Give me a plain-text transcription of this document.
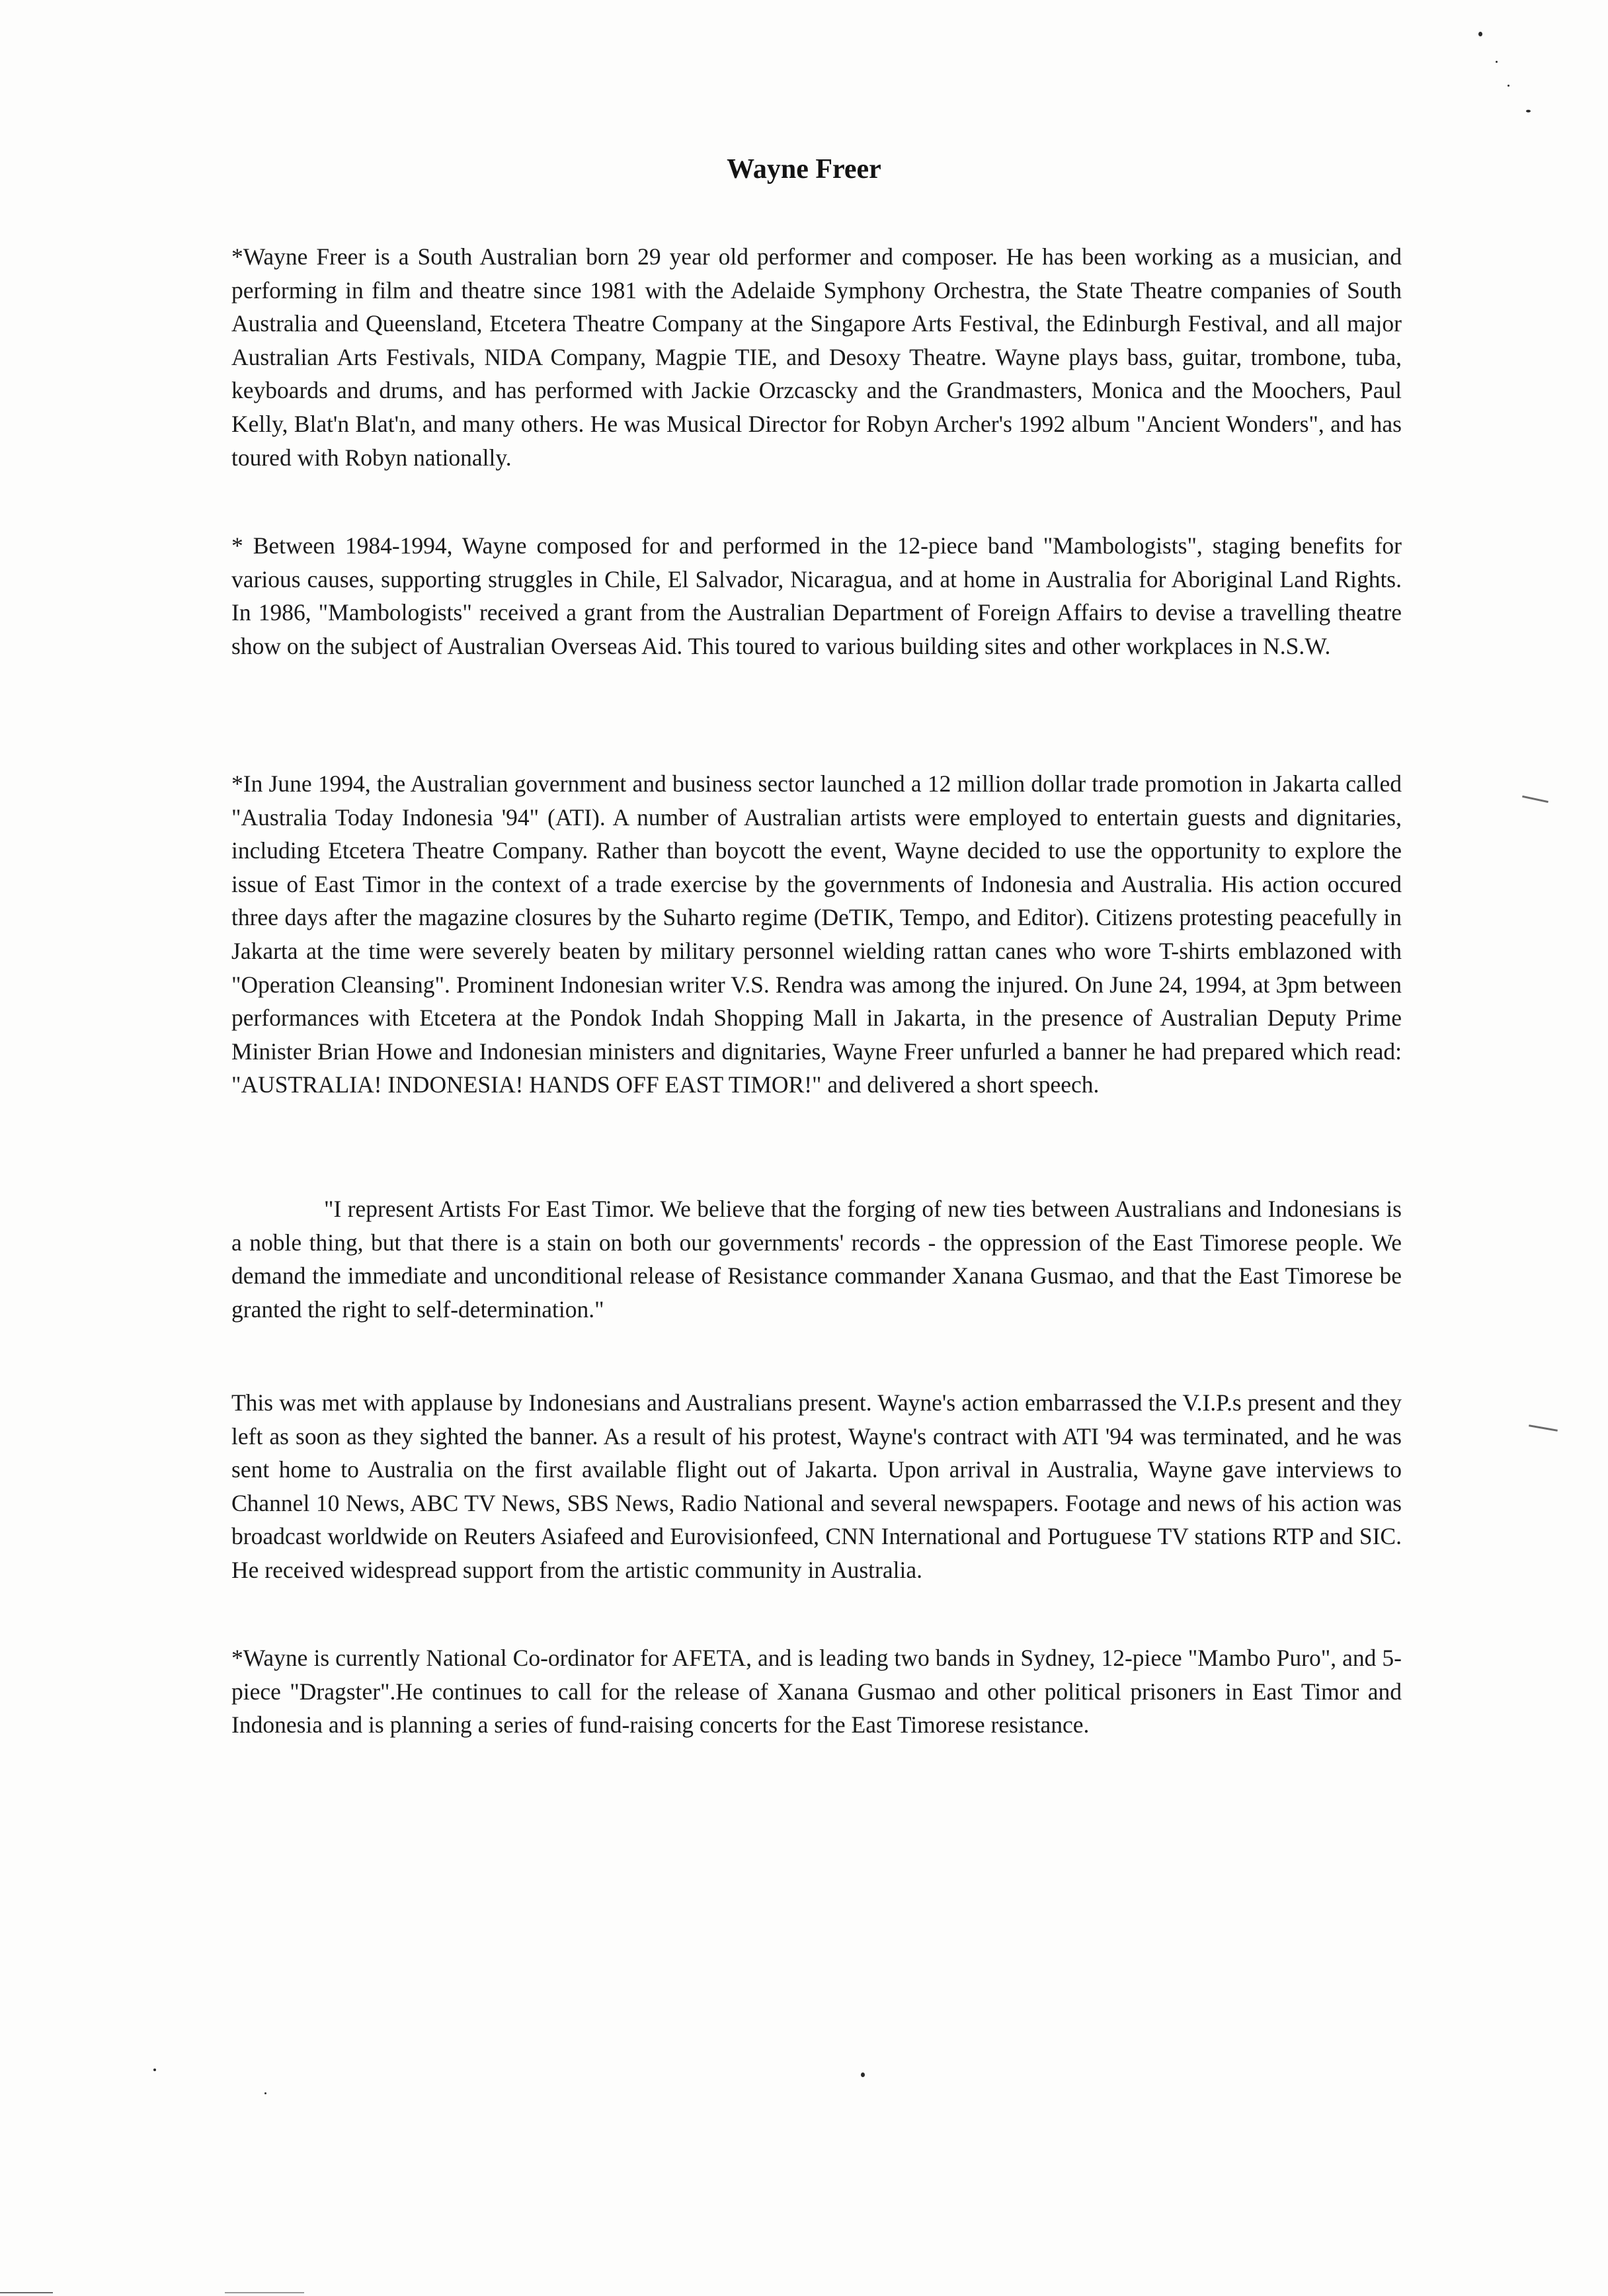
Wayne Freer

*Wayne Freer is a South Australian born 29 year old performer and composer. He has been working as a musician, and performing in film and theatre since 1981 with the Adelaide Symphony Orchestra, the State Theatre companies of South Australia and Queensland, Etcetera Theatre Company at the Singapore Arts Festival, the Edinburgh Festival, and all major Australian Arts Festivals, NIDA Company, Magpie TIE, and Desoxy Theatre. Wayne plays bass, guitar, trombone, tuba, keyboards and drums, and has performed with Jackie Orzcascky and the Grandmasters, Monica and the Moochers, Paul Kelly, Blat'n Blat'n, and many others. He was Musical Director for Robyn Archer's 1992 album "Ancient Wonders", and has toured with Robyn nationally.

* Between 1984-1994, Wayne composed for and performed in the 12-piece band "Mambologists", staging benefits for various causes, supporting struggles in Chile, El Salvador, Nicaragua, and at home in Australia for Aboriginal Land Rights. In 1986, "Mambologists" received a grant from the Australian Department of Foreign Affairs to devise a travelling theatre show on the subject of Australian Overseas Aid. This toured to various building sites and other workplaces in N.S.W.

*In June 1994, the Australian government and business sector launched a 12 million dollar trade promotion in Jakarta called "Australia Today Indonesia '94" (ATI). A number of Australian artists were employed to entertain guests and dignitaries, including Etcetera Theatre Company. Rather than boycott the event, Wayne decided to use the opportunity to explore the issue of East Timor in the context of a trade exercise by the governments of Indonesia and Australia. His action occured three days after the magazine closures by the Suharto regime (DeTIK, Tempo, and Editor). Citizens protesting peacefully in Jakarta at the time were severely beaten by military personnel wielding rattan canes who wore T-shirts emblazoned with "Operation Cleansing". Prominent Indonesian writer V.S. Rendra was among the injured. On June 24, 1994, at 3pm between performances with Etcetera at the Pondok Indah Shopping Mall in Jakarta, in the presence of Australian Deputy Prime Minister Brian Howe and Indonesian ministers and dignitaries, Wayne Freer unfurled a banner he had prepared which read: "AUSTRALIA! INDONESIA! HANDS OFF EAST TIMOR!" and delivered a short speech.

"I represent Artists For East Timor. We believe that the forging of new ties between Australians and Indonesians is a noble thing, but that there is a stain on both our governments' records - the oppression of the East Timorese people. We demand the immediate and unconditional release of Resistance commander Xanana Gusmao, and that the East Timorese be granted the right to self-determination."

This was met with applause by Indonesians and Australians present. Wayne's action embarrassed the V.I.P.s present and they left as soon as they sighted the banner. As a result of his protest, Wayne's contract with ATI '94 was terminated, and he was sent home to Australia on the first available flight out of Jakarta. Upon arrival in Australia, Wayne gave interviews to Channel 10 News, ABC TV News, SBS News, Radio National and several newspapers. Footage and news of his action was broadcast worldwide on Reuters Asiafeed and Eurovisionfeed, CNN International and Portuguese TV stations RTP and SIC. He received widespread support from the artistic community in Australia.

*Wayne is currently National Co-ordinator for AFETA, and is leading two bands in Sydney, 12-piece "Mambo Puro", and 5-piece "Dragster".He continues to call for the release of Xanana Gusmao and other political prisoners in East Timor and Indonesia and is planning a series of fund-raising concerts for the East Timorese resistance.
